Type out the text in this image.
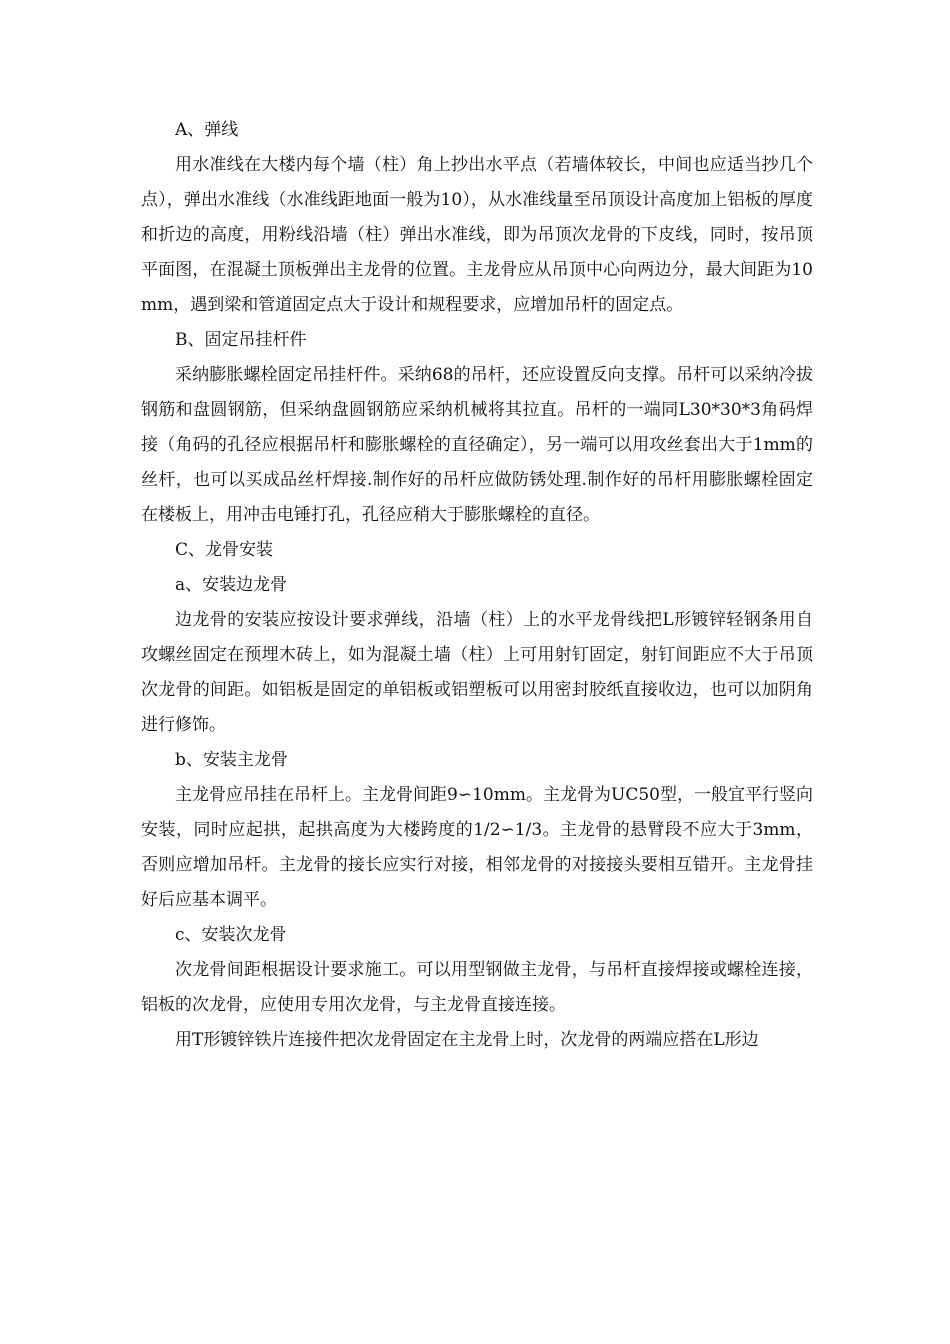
A、弹线

用水准线在大楼内每个墙（柱）角上抄出水平点（若墙体较长，中间也应适当抄几个点），弹出水准线（水准线距地面一般为10），从水准线量至吊顶设计高度加上铝板的厚度和折边的高度，用粉线沿墙（柱）弹出水准线，即为吊顶次龙骨的下皮线，同时，按吊顶平面图，在混凝土顶板弹出主龙骨的位置。主龙骨应从吊顶中心向两边分，最大间距为10mm，遇到梁和管道固定点大于设计和规程要求，应增加吊杆的固定点。

B、固定吊挂杆件

采纳膨胀螺栓固定吊挂杆件。采纳68的吊杆，还应设置反向支撑。吊杆可以采纳冷拔钢筋和盘圆钢筋，但采纳盘圆钢筋应采纳机械将其拉直。吊杆的一端同L30*30*3角码焊接（角码的孔径应根据吊杆和膨胀螺栓的直径确定），另一端可以用攻丝套出大于1mm的丝杆，也可以买成品丝杆焊接.制作好的吊杆应做防锈处理.制作好的吊杆用膨胀螺栓固定在楼板上，用冲击电锤打孔，孔径应稍大于膨胀螺栓的直径。

C、龙骨安装

a、安装边龙骨

边龙骨的安装应按设计要求弹线，沿墙（柱）上的水平龙骨线把L形镀锌轻钢条用自攻螺丝固定在预埋木砖上，如为混凝土墙（柱）上可用射钉固定，射钉间距应不大于吊顶次龙骨的间距。如铝板是固定的单铝板或铝塑板可以用密封胶纸直接收边，也可以加阴角进行修饰。

b、安装主龙骨

主龙骨应吊挂在吊杆上。主龙骨间距9∽10mm。主龙骨为UC50型，一般宜平行竖向安装，同时应起拱，起拱高度为大楼跨度的1/2∽1/3。主龙骨的悬臂段不应大于3mm，否则应增加吊杆。主龙骨的接长应实行对接，相邻龙骨的对接接头要相互错开。主龙骨挂好后应基本调平。

c、安装次龙骨

次龙骨间距根据设计要求施工。可以用型钢做主龙骨，与吊杆直接焊接或螺栓连接，铝板的次龙骨，应使用专用次龙骨，与主龙骨直接连接。

用T形镀锌铁片连接件把次龙骨固定在主龙骨上时，次龙骨的两端应搭在L形边
